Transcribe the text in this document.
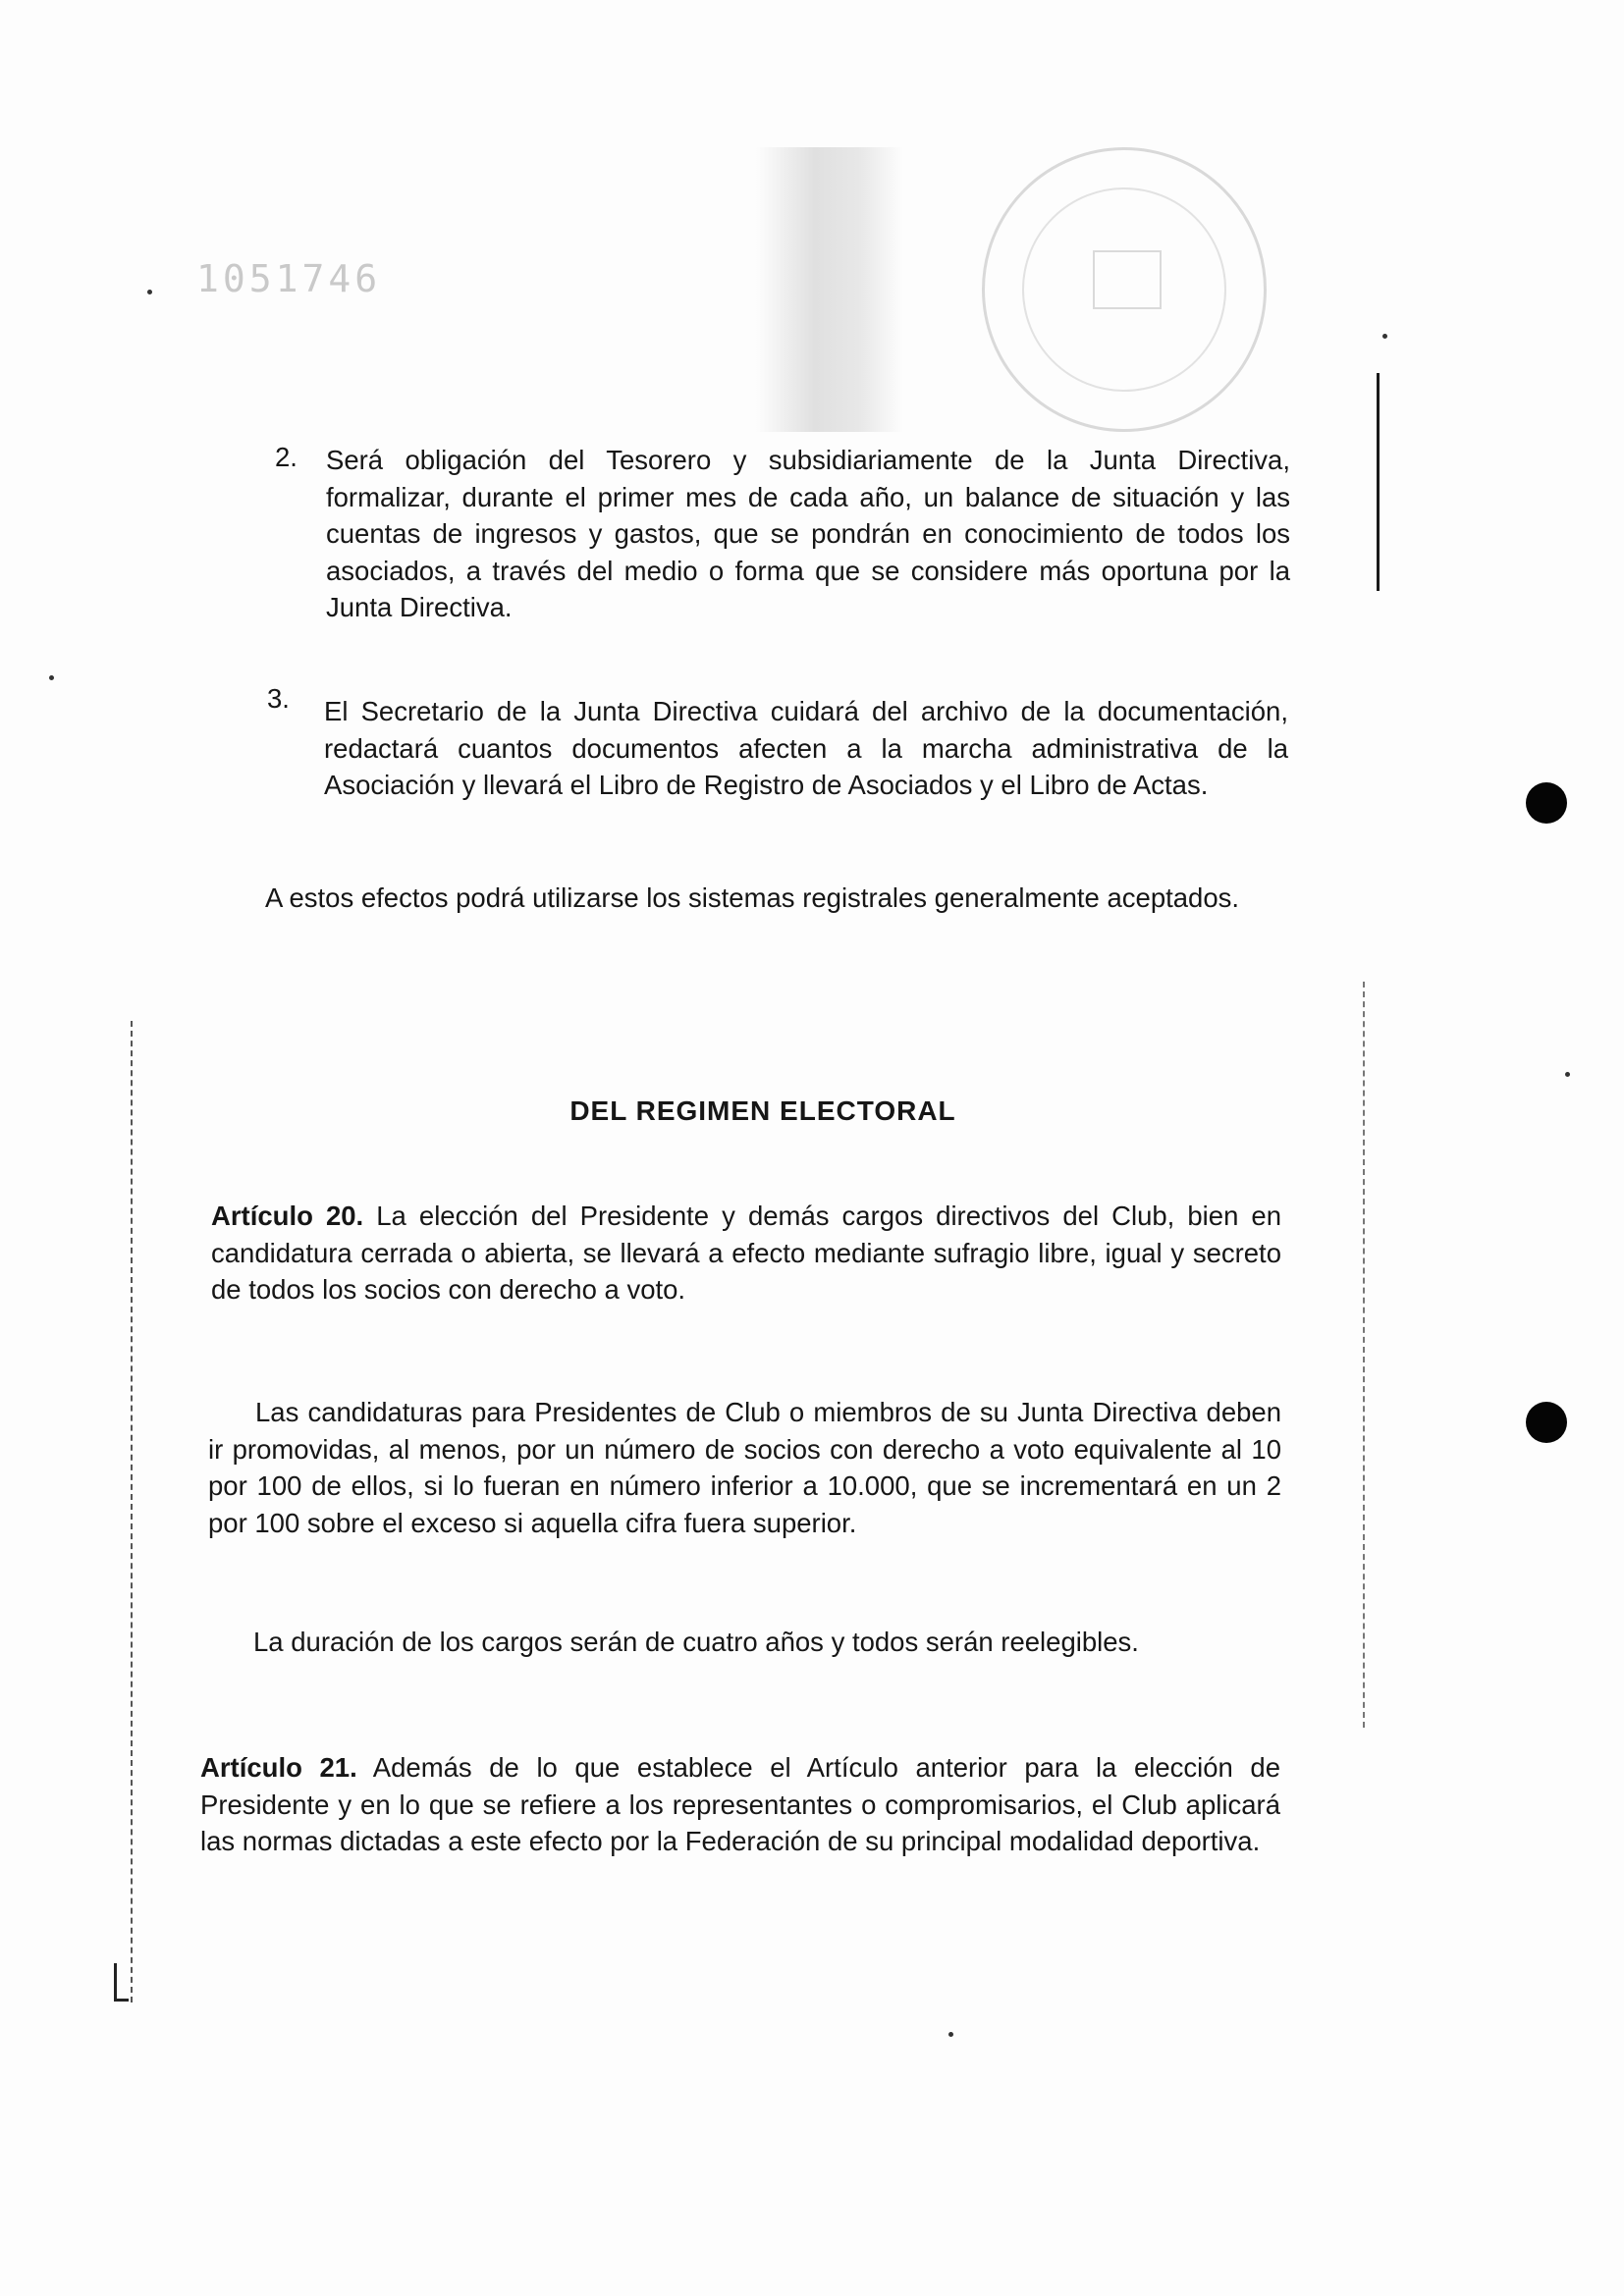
1051746
2. Será obligación del Tesorero y subsidiariamente de la Junta Directiva, formalizar, durante el primer mes de cada año, un balance de situación y las cuentas de ingresos y gastos, que se pondrán en conocimiento de todos los asociados, a través del medio o forma que se considere más oportuna por la Junta Directiva.
3. El Secretario de la Junta Directiva cuidará del archivo de la documentación, redactará cuantos documentos afecten a la marcha administrativa de la Asociación y llevará el Libro de Registro de Asociados y el Libro de Actas.
A estos efectos podrá utilizarse los sistemas registrales generalmente aceptados.
DEL REGIMEN ELECTORAL
Artículo 20. La elección del Presidente y demás cargos directivos del Club, bien en candidatura cerrada o abierta, se llevará a efecto mediante sufragio libre, igual y secreto de todos los socios con derecho a voto.
Las candidaturas para Presidentes de Club o miembros de su Junta Directiva deben ir promovidas, al menos, por un número de socios con derecho a voto equivalente al 10 por 100 de ellos, si lo fueran en número inferior a 10.000, que se incrementará en un 2 por 100 sobre el exceso si aquella cifra fuera superior.
La duración de los cargos serán de cuatro años y todos serán reelegibles.
Artículo 21. Además de lo que establece el Artículo anterior para la elección de Presidente y en lo que se refiere a los representantes o compromisarios, el Club aplicará las normas dictadas a este efecto por la Federación de su principal modalidad deportiva.
